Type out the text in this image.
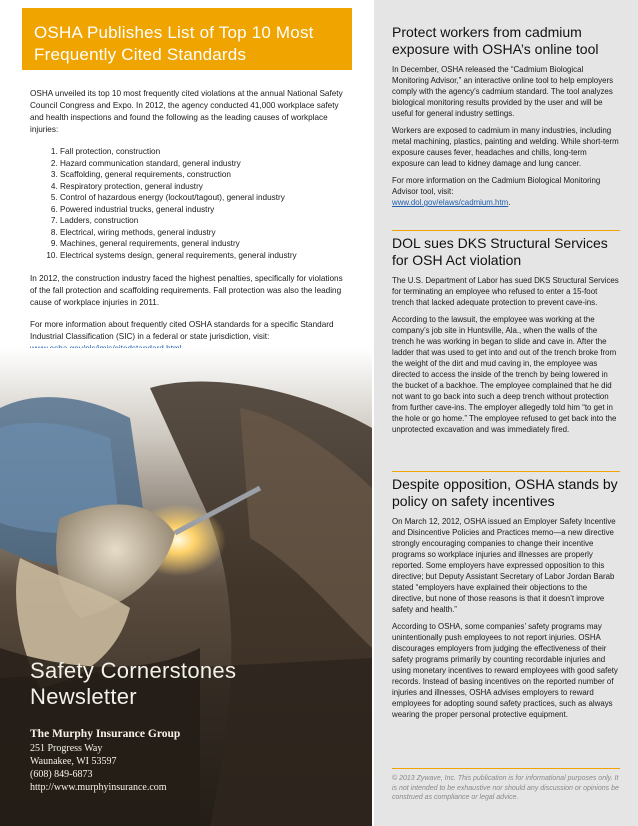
OSHA Publishes List of Top 10 Most Frequently Cited Standards

OSHA unveiled its top 10 most frequently cited violations at the annual National Safety Council Congress and Expo. In 2012, the agency conducted 41,000 workplace safety and health inspections and found the following as the leading causes of workplace injuries:

1. Fall protection, construction
2. Hazard communication standard, general industry
3. Scaffolding, general requirements, construction
4. Respiratory protection, general industry
5. Control of hazardous energy (lockout/tagout), general industry
6. Powered industrial trucks, general industry
7. Ladders, construction
8. Electrical, wiring methods, general industry
9. Machines, general requirements, general industry
10. Electrical systems design, general requirements, general industry

In 2012, the construction industry faced the highest penalties, specifically for violations of the fall protection and scaffolding requirements. Fall protection was also the leading cause of workplace injuries in 2011.

For more information about frequently cited OSHA standards for a specific Standard Industrial Classification (SIC) in a federal or state jurisdiction, visit:

Safety Cornerstones
Newsletter
The Murphy Insurance Group
251 Progress Way
Waunakee, WI 53597
(608) 849-6873
http://www.murphyinsurance.com
Protect workers from cadmium exposure with OSHA’s online tool

In December, OSHA released the “Cadmium Biological Monitoring Advisor,” an interactive online tool to help employers comply with the agency’s cadmium standard. The tool analyzes biological monitoring results provided by the user and will be useful for general industry settings.

Workers are exposed to cadmium in many industries, including metal machining, plastics, painting and welding. While short-term exposure causes fever, headaches and chills, long-term exposure can lead to kidney damage and lung cancer.

For more information on the Cadmium Biological Monitoring Advisor tool, visit:
www.dol.gov/elaws/cadmium.htm.

DOL sues DKS Structural Services for OSH Act violation

The U.S. Department of Labor has sued DKS Structural Services for terminating an employee who refused to enter a 15-foot trench that lacked adequate protection to prevent cave-ins.

According to the lawsuit, the employee was working at the company’s job site in Huntsville, Ala., when the walls of the trench he was working in began to slide and cave in. After the ladder that was used to get into and out of the trench broke from the weight of the dirt and mud caving in, the employee was directed to access the inside of the trench by being lowered in the bucket of a backhoe. The employee complained that he did not want to go back into such a deep trench without protection from further cave-ins. The employer allegedly told him “to get in the hole or go home.” The employee refused to get back into the unprotected excavation and was immediately fired.

Despite opposition, OSHA stands by policy on safety incentives

On March 12, 2012, OSHA issued an Employer Safety Incentive and Disincentive Policies and Practices memo—a new directive strongly encouraging companies to change their incentive programs so workplace injuries and illnesses are properly reported. Some employers have expressed opposition to this directive; but Deputy Assistant Secretary of Labor Jordan Barab stated “employers have explained their objections to the directive, but none of those reasons is that it doesn’t improve safety and health.”

According to OSHA, some companies’ safety programs may unintentionally push employees to not report injuries. OSHA discourages employers from judging the effectiveness of their safety programs primarily by counting recordable injuries and using monetary incentives to reward employees with good safety records. Instead of basing incentives on the reported number of injuries and illnesses, OSHA advises employers to reward employees for adopting sound safety practices, such as always wearing the proper personal protective equipment.

© 2013 Zywave, Inc. This publication is for informational purposes only. It is not intended to be exhaustive nor should any discussion or opinions be construed as compliance or legal advice.
